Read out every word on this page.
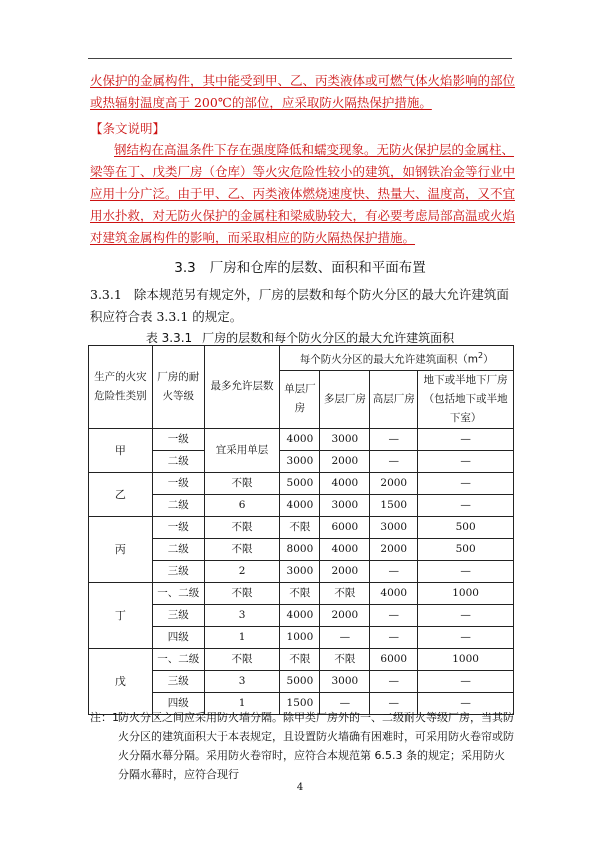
火保护的金属构件，其中能受到甲、乙、丙类液体或可燃气体火焰影响的部位或热辐射温度高于 200℃的部位，应采取防火隔热保护措施。
【条文说明】
钢结构在高温条件下存在强度降低和蠕变现象。无防火保护层的金属柱、梁等在丁、戊类厂房（仓库）等火灾危险性较小的建筑，如钢铁冶金等行业中应用十分广泛。由于甲、乙、丙类液体燃烧速度快、热量大、温度高，又不宜用水扑救，对无防火保护的金属柱和梁威胁较大，有必要考虑局部高温或火焰对建筑金属构件的影响，而采取相应的防火隔热保护措施。
3.3 厂房和仓库的层数、面积和平面布置
3.3.1 除本规范另有规定外，厂房的层数和每个防火分区的最大允许建筑面积应符合表 3.3.1 的规定。
表 3.3.1 厂房的层数和每个防火分区的最大允许建筑面积
生产的火灾危险性类别	厂房的耐火等级	最多允许层数	每个防火分区的最大允许建筑面积$(m^2)$			
			单层厂房	多层厂房	高层厂房	地下或半地下厂房（包括地下或半地下室）
甲	一级	宜采用单层	4000	3000	—	—
	二级		3000	2000	—	—
乙	一级	不限	5000	4000	2000	—
	二级	6	4000	3000	1500	—
丙	一级	不限	不限	6000	3000	500
	二级	不限	8000	4000	2000	500
	三级	2	3000	2000	—	—
丁	一、二级	不限	不限	不限	4000	1000
	三级	3	4000	2000	—	—
	四级	1	1000	—	—	—
戊	一、二级	不限	不限	不限	6000	1000
	三级	3	5000	3000	—	—
	四级	1	1500	—	—	—
注：1 防火分区之间应采用防火墙分隔。除甲类厂房外的一、二级耐火等级厂房，当其防火分区的建筑面积大于本表规定，且设置防火墙确有困难时，可采用防火卷帘或防火分隔水幕分隔。采用防火卷帘时，应符合本规范第 6.5.3 条的规定；采用防火分隔水幕时，应符合现行
4
